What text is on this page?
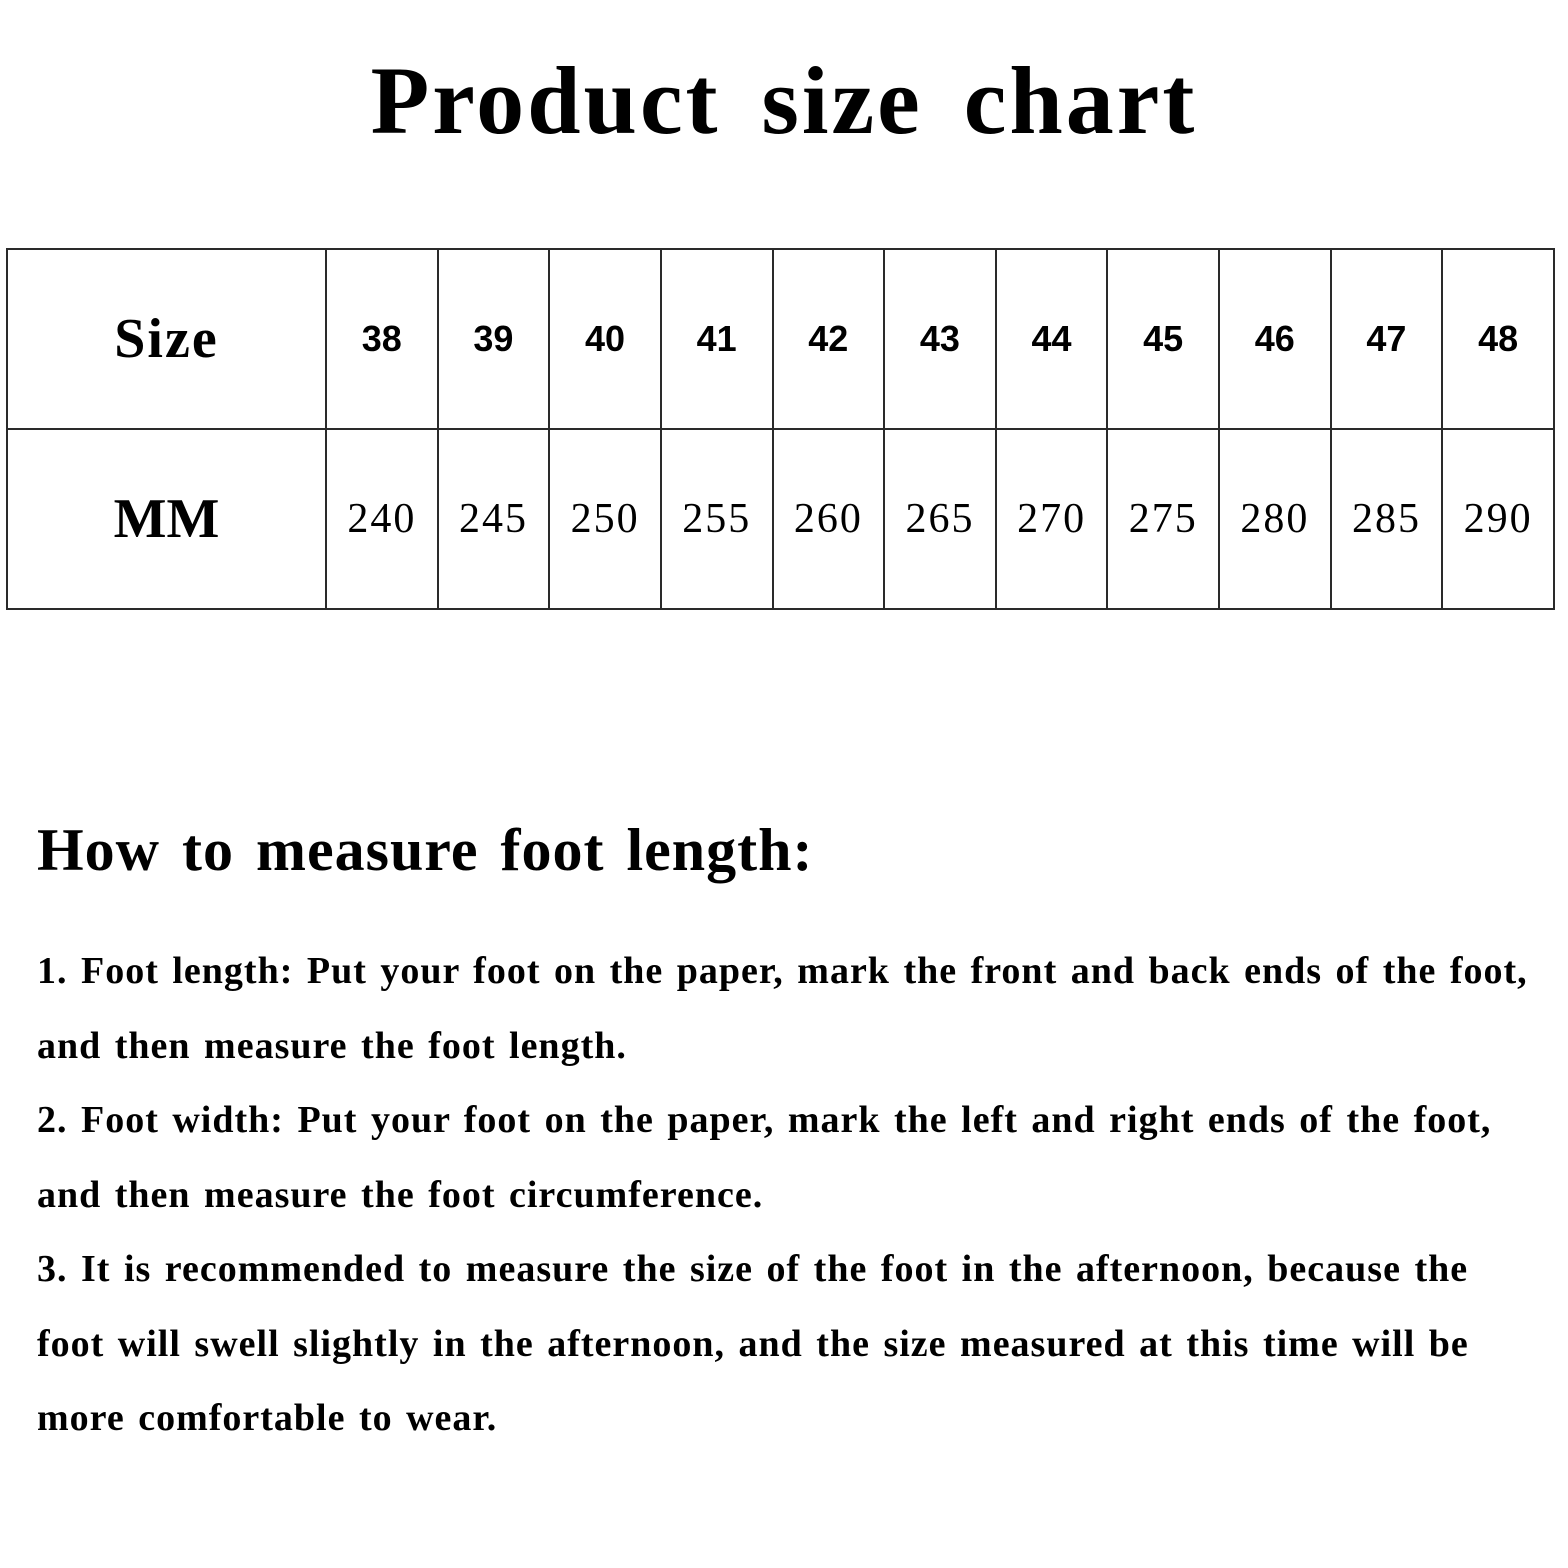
Product size chart
Size	38	39	40	41	42	43	44	45	46	47	48
MM	240	245	250	255	260	265	270	275	280	285	290
How to measure foot length:

1. Foot length: Put your foot on the paper, mark the front and back ends of the foot, and then measure the foot length.

2. Foot width: Put your foot on the paper, mark the left and right ends of the foot, and then measure the foot circumference.

3. It is recommended to measure the size of the foot in the afternoon, because the foot will swell slightly in the afternoon, and the size measured at this time will be more comfortable to wear.
